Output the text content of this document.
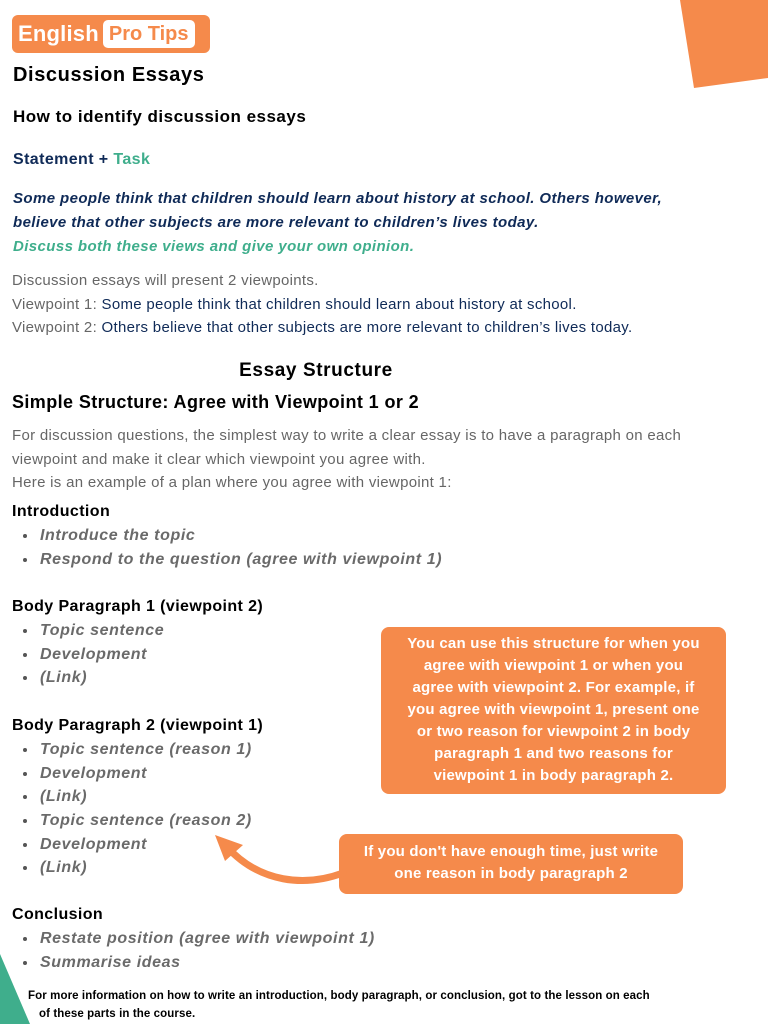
English Pro Tips
Discussion Essays
How to identify discussion essays
Statement + Task
Some people think that children should learn about history at school. Others however,
believe that other subjects are more relevant to children’s lives today.
Discuss both these views and give your own opinion.
Discussion essays will present 2 viewpoints.
Viewpoint 1: Some people think that children should learn about history at school.
Viewpoint 2: Others believe that other subjects are more relevant to children’s lives today.
Essay Structure
Simple Structure: Agree with Viewpoint 1 or 2
For discussion questions, the simplest way to write a clear essay is to have a paragraph on each
viewpoint and make it clear which viewpoint you agree with.
Here is an example of a plan where you agree with viewpoint 1:
Introduction
Introduce the topic
Respond to the question (agree with viewpoint 1)
Body Paragraph 1 (viewpoint 2)
Topic sentence
Development
(Link)
Body Paragraph 2 (viewpoint 1)
Topic sentence (reason 1)
Development
(Link)
Topic sentence (reason 2)
Development
(Link)
Conclusion
Restate position (agree with viewpoint 1)
Summarise ideas
You can use this structure for when you
agree with viewpoint 1 or when you
agree with viewpoint 2. For example, if
you agree with viewpoint 1, present one
or two reason for viewpoint 2 in body
paragraph 1 and two reasons for
viewpoint 1 in body paragraph 2.
If you don't have enough time, just write
one reason in body paragraph 2
For more information on how to write an introduction, body paragraph, or conclusion, got to the lesson on each
of these parts in the course.
